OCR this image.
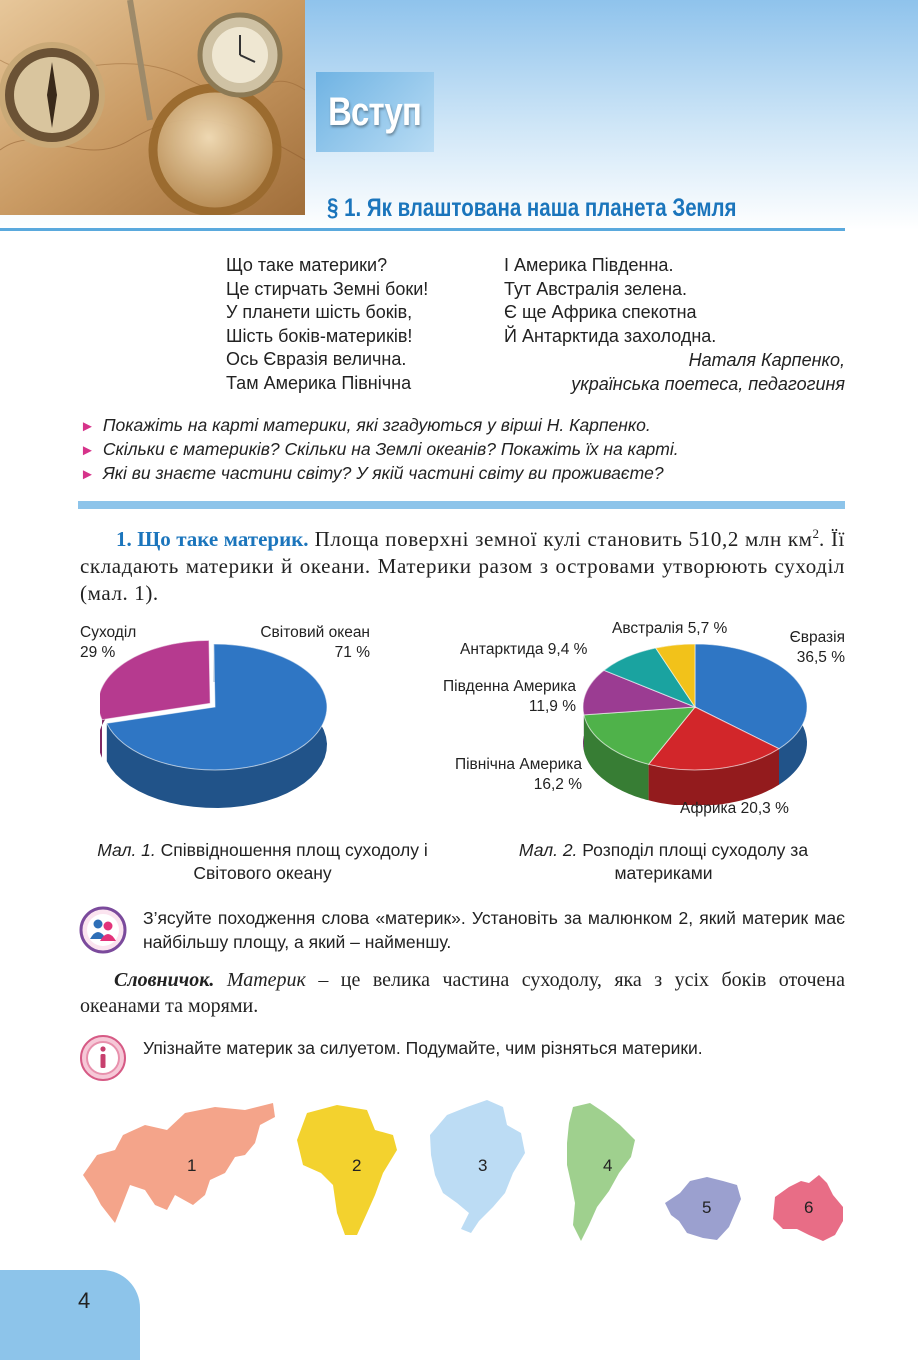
Вступ
§ 1. Як влаштована наша планета Земля
Що таке материки?
Це стирчать Земні боки!
У планети шість боків,
Шість боків-материків!
Ось Євразія велична.
Там Америка Північна
І Америка Південна.
Тут Австралія зелена.
Є ще Африка спекотна
Й Антарктида захолодна.
Наталя Карпенко,
українська поетеса, педагогиня
► Покажіть на карті материки, які згадуються у вірші Н. Карпенко.
► Скільки є материків? Скільки на Землі океанів? Покажіть їх на карті.
► Які ви знаєте частини світу? У якій частині світу ви проживаєте?
1. Що таке материк. Площа поверхні земної кулі становить 510,2 млн $км^2$. Її складають материки й океани. Материки разом з островами утворюють суходіл (мал. 1).
Суходіл
29 %
Світовий океан
71 %
Австралія 5,7 %
Антарктида 9,4 %
Євразія
36,5 %
Південна Америка
11,9 %
Північна Америка
16,2 %
Африка 20,3 %
Мал. 1. Співвідношення площ суходолу і Світового океану
Мал. 2. Розподіл площі суходолу за материками
З’ясуйте походження слова «материк». Установіть за малюнком 2, який материк має найбільшу площу, а який – найменшу.
Словничок. Материк – це велика частина суходолу, яка з усіх боків оточена океанами та морями.
Упізнайте материк за силуетом. Подумайте, чим різняться материки.
1	2	3	4
5	6
4
